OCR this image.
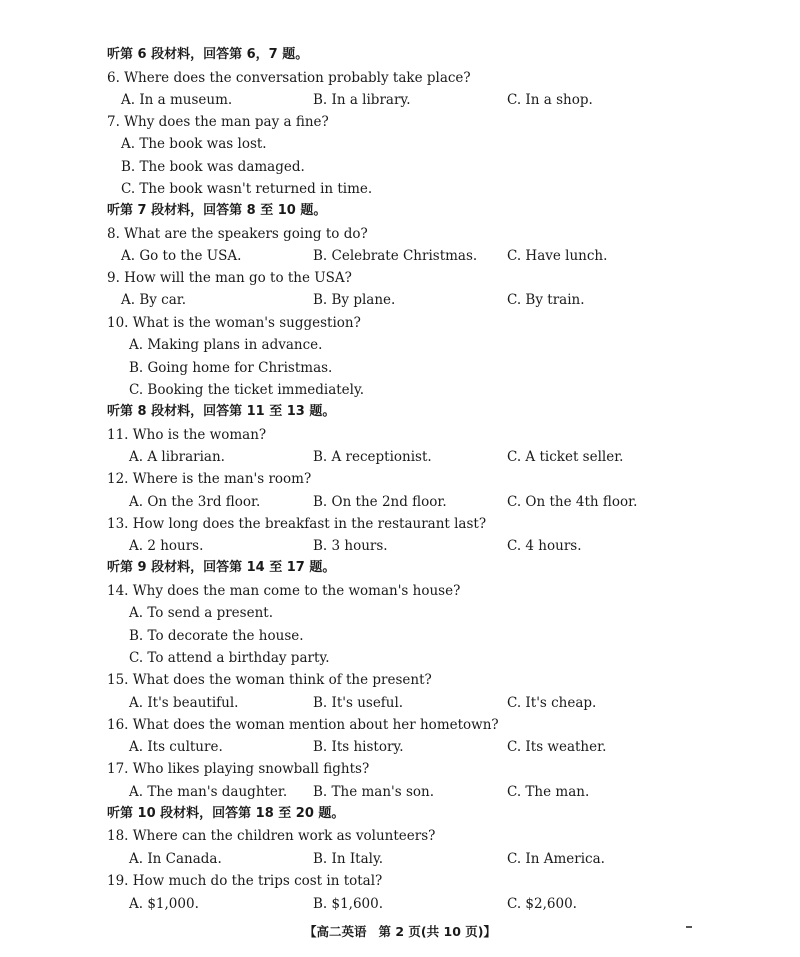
听第 6 段材料，回答第 6，7 题。
6. Where does the conversation probably take place?
A. In a museum.	B. In a library.	C. In a shop.
7. Why does the man pay a fine?
A. The book was lost.
B. The book was damaged.
C. The book wasn't returned in time.
听第 7 段材料，回答第 8 至 10 题。
8. What are the speakers going to do?
A. Go to the USA.	B. Celebrate Christmas. C. Have lunch.
9. How will the man go to the USA?
A. By car.	B. By plane.	C. By train.
10. What is the woman's suggestion?
A. Making plans in advance.
B. Going home for Christmas.
C. Booking the ticket immediately.
听第 8 段材料，回答第 11 至 13 题。
11. Who is the woman?
A. A librarian.	B. A receptionist.	C. A ticket seller.
12. Where is the man's room?
A. On the 3rd floor.	B. On the 2nd floor.	C. On the 4th floor.
13. How long does the breakfast in the restaurant last?
A. 2 hours.	B. 3 hours.	C. 4 hours.
听第 9 段材料，回答第 14 至 17 题。
14. Why does the man come to the woman's house?
A. To send a present.
B. To decorate the house.
C. To attend a birthday party.
15. What does the woman think of the present?
A. It's beautiful.	B. It's useful.	C. It's cheap.
16. What does the woman mention about her hometown?
A. Its culture.	B. Its history.	C. Its weather.
17. Who likes playing snowball fights?
A. The man's daughter. B. The man's son.	C. The man.
听第 10 段材料，回答第 18 至 20 题。
18. Where can the children work as volunteers?
A. In Canada.	B. In Italy.	C. In America.
19. How much do the trips cost in total?
A. $1,000.	B. $1,600.	C. $2,600.
【高二英语 第 2 页(共 10 页)】
